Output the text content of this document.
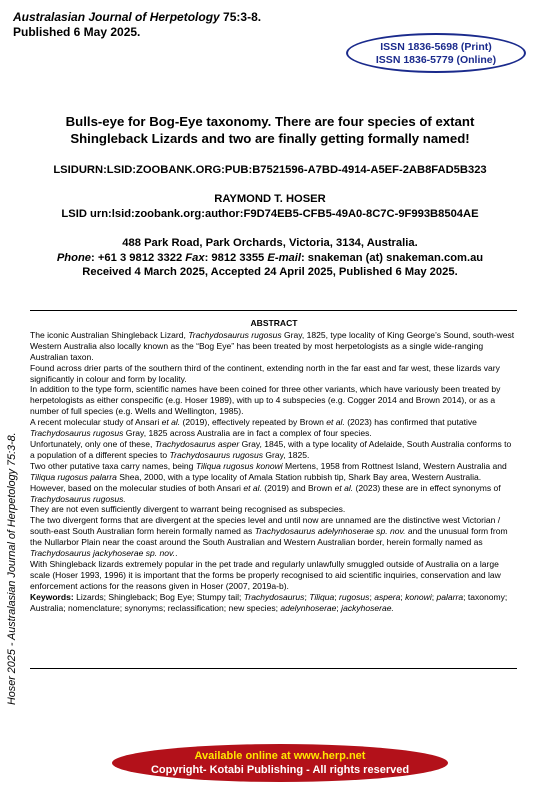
Australasian Journal of Herpetology 75:3-8.
Published 6 May 2025.
ISSN 1836-5698 (Print)
ISSN 1836-5779 (Online)
Bulls-eye for Bog-Eye taxonomy. There are four species of extant
Shingleback Lizards and two are finally getting formally named!
LSIDURN:LSID:ZOOBANK.ORG:PUB:B7521596-A7BD-4914-A5EF-2AB8FAD5B323
RAYMOND T. HOSER
LSID urn:lsid:zoobank.org:author:F9D74EB5-CFB5-49A0-8C7C-9F993B8504AE
488 Park Road, Park Orchards, Victoria, 3134, Australia.
Phone: +61 3 9812 3322 Fax: 9812 3355 E-mail: snakeman (at) snakeman.com.au
Received 4 March 2025, Accepted 24 April 2025, Published 6 May 2025.
ABSTRACT

The iconic Australian Shingleback Lizard, Trachydosaurus rugosus Gray, 1825, type locality of King George’s Sound, south-west Western Australia also locally known as the “Bog Eye” has been treated by most herpetologists as a single wide-ranging Australian taxon.

Found across drier parts of the southern third of the continent, extending north in the far east and far west, these lizards vary significantly in colour and form by locality.

In addition to the type form, scientific names have been coined for three other variants, which have variously been treated by herpetologists as either conspecific (e.g. Hoser 1989), with up to 4 subspecies (e.g. Cogger 2014 and Brown 2014), or as a number of full species (e.g. Wells and Wellington, 1985).

A recent molecular study of Ansari et al. (2019), effectively repeated by Brown et al. (2023) has confirmed that putative Trachydosaurus rugosus Gray, 1825 across Australia are in fact a complex of four species.

Unfortunately, only one of these, Trachydosaurus asper Gray, 1845, with a type locality of Adelaide, South Australia conforms to a population of a different species to Trachydosaurus rugosus Gray, 1825.

Two other putative taxa carry names, being Tiliqua rugosus konowi Mertens, 1958 from Rottnest Island, Western Australia and Tiliqua rugosus palarra Shea, 2000, with a type locality of Amala Station rubbish tip, Shark Bay area, Western Australia.

However, based on the molecular studies of both Ansari et al. (2019) and Brown et al. (2023) these are in effect synonyms of Trachydosaurus rugosus.

They are not even sufficiently divergent to warrant being recognised as subspecies.

The two divergent forms that are divergent at the species level and until now are unnamed are the distinctive west Victorian / south-east South Australian form herein formally named as Trachydosaurus adelynhoserae sp. nov. and the unusual form from the Nullarbor Plain near the coast around the South Australian and Western Australian border, herein formally named as Trachydosaurus jackyhoserae sp. nov..

With Shingleback lizards extremely popular in the pet trade and regularly unlawfully smuggled outside of Australia on a large scale (Hoser 1993, 1996) it is important that the forms be properly recognised to aid scientific inquiries, conservation and law enforcement actions for the reasons given in Hoser (2007, 2019a-b).

Keywords: Lizards; Shingleback; Bog Eye; Stumpy tail; Trachydosaurus; Tiliqua; rugosus; aspera; konowi; palarra; taxonomy; Australia; nomenclature; synonyms; reclassification; new species; adelynhoserae; jackyhoserae.

Hoser 2025 - Australasian Journal of Herpetology 75:3-8.
Available online at www.herp.net
Copyright- Kotabi Publishing - All rights reserved
